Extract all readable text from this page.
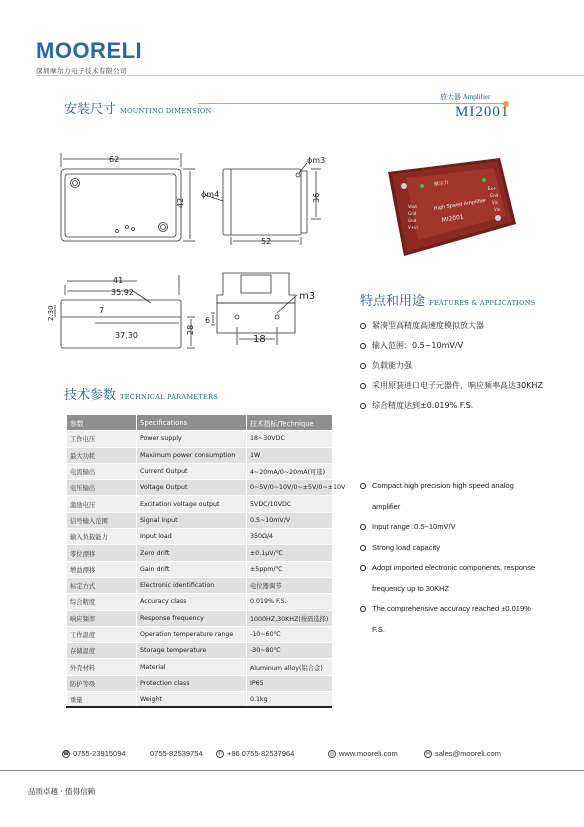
MOORELI
深圳摩尔力电子技术有限公司
安装尺寸 MOUNTING DIMENSION
放大器 Amplifier
MI2001
62
42
ϕm3
ϕm4	36
52
41
35.92
37.30
2.30	7
28
m3
6
18
摩尔力
High Speed Amplifier
MI2001
Vout
Gnd
Gnd
V+in
Ex+
Gnd
Vin
Vin
特点和用途 FEATURES & APPLICATIONS
紧凑型高精度高速度模拟放大器
输入范围：0.5~10mV/V
负载能力强
采用原装进口电子元器件，响应频率高达30KHZ
综合精度达到±0.019% F.S.
Compact high precision high speed analog amplifier
Input range :0.5~10mV/V
Strong load capacity
Adopt imported electronic components, response frequency up to 30KHZ
The comprehensive accuracy reached ±0.019% F.S.
技术参数 TECHNICAL PARAMETERS
参数	Specifications	技术指标/Technique
工作电压	Power supply	18~30VDC
最大功耗	Maximum power consumption	1W
电流输出	Current Output	4~20mA/0~20mA(可选)
电压输出	Voltage Output	0~5V/0~10V/0~±5V/0~±10V
激励电压	Excitation voltage output	5VDC/10VDC
信号输入范围	Signal input	0.5~10mV/V
输入负载能力	Input load	350Ω/4
零位漂移	Zero drift	±0.1μV/℃
增益漂移	Gain drift	±5ppm/℃
标定方式	Electronic identification	电位器调节
综合精度	Accuracy class	0.019% F.S.
响应频率	Response frequency	1000HZ,30KHZ(按码选择)
工作温度	Operation temperature range	-10~60℃
存储温度	Storage temperature	-30~80℃
外壳材料	Material	Aluminum alloy(铝合金)
防护等级	Protection class	IP65
重量	Weight	0.1kg
☎ 0755-23915094	0755-82539754	✆ +86 0755-82537964	◎ www.mooreli.com	✉ sales@mooreli.com
品质卓越 · 值得信赖
